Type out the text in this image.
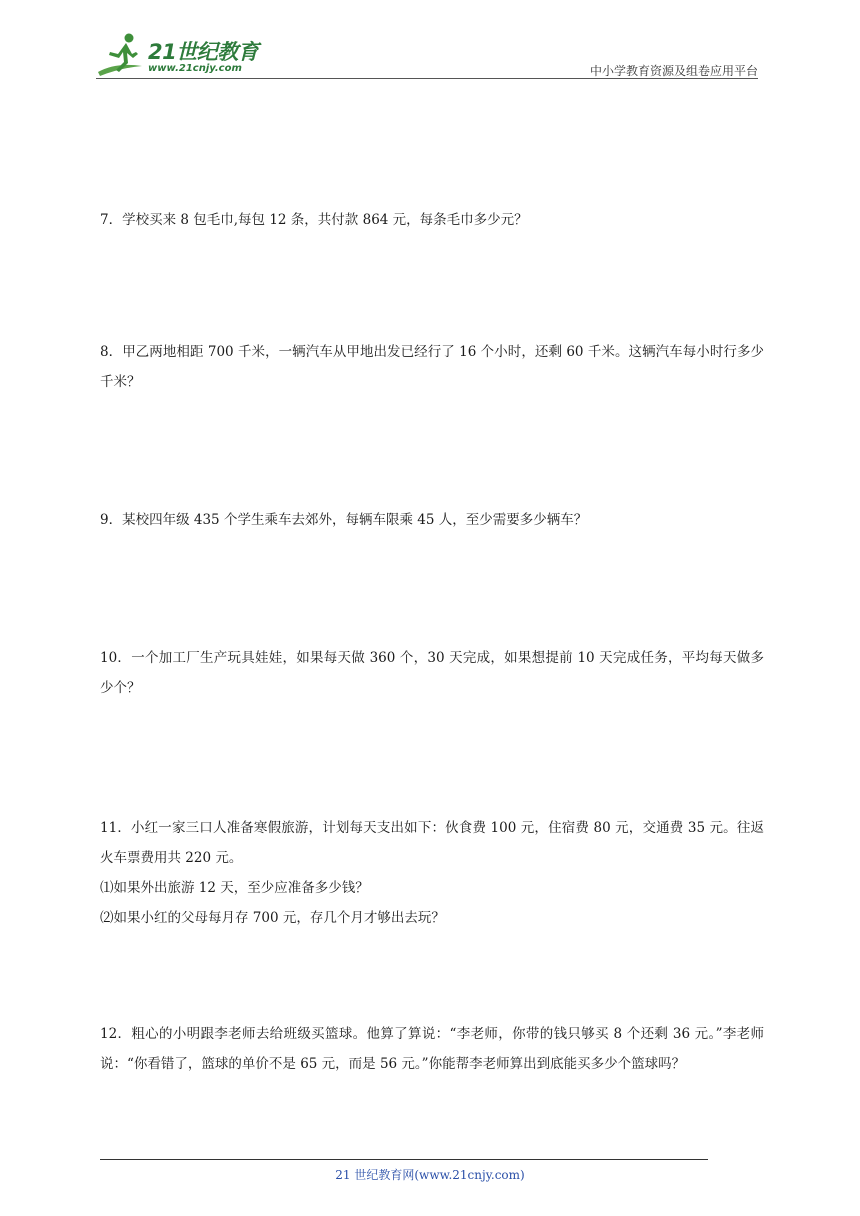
21世纪教育
www.21cnjy.com	中小学教育资源及组卷应用平台
7．学校买来 8 包毛巾,每包 12 条，共付款 864 元，每条毛巾多少元？
8．甲乙两地相距 700 千米，一辆汽车从甲地出发已经行了 16 个小时，还剩 60 千米。这辆汽车每小时行多少千米？
9．某校四年级 435 个学生乘车去郊外，每辆车限乘 45 人，至少需要多少辆车？
10．一个加工厂生产玩具娃娃，如果每天做 360 个，30 天完成，如果想提前 10 天完成任务，平均每天做多少个？
11．小红一家三口人准备寒假旅游，计划每天支出如下：伙食费 100 元，住宿费 80 元，交通费 35 元。往返火车票费用共 220 元。
⑴如果外出旅游 12 天，至少应准备多少钱？
⑵如果小红的父母每月存 700 元，存几个月才够出去玩？
12．粗心的小明跟李老师去给班级买篮球。他算了算说：“李老师，你带的钱只够买 8 个还剩 36 元。”李老师说：“你看错了，篮球的单价不是 65 元，而是 56 元。”你能帮李老师算出到底能买多少个篮球吗？
21 世纪教育网(www.21cnjy.com)
